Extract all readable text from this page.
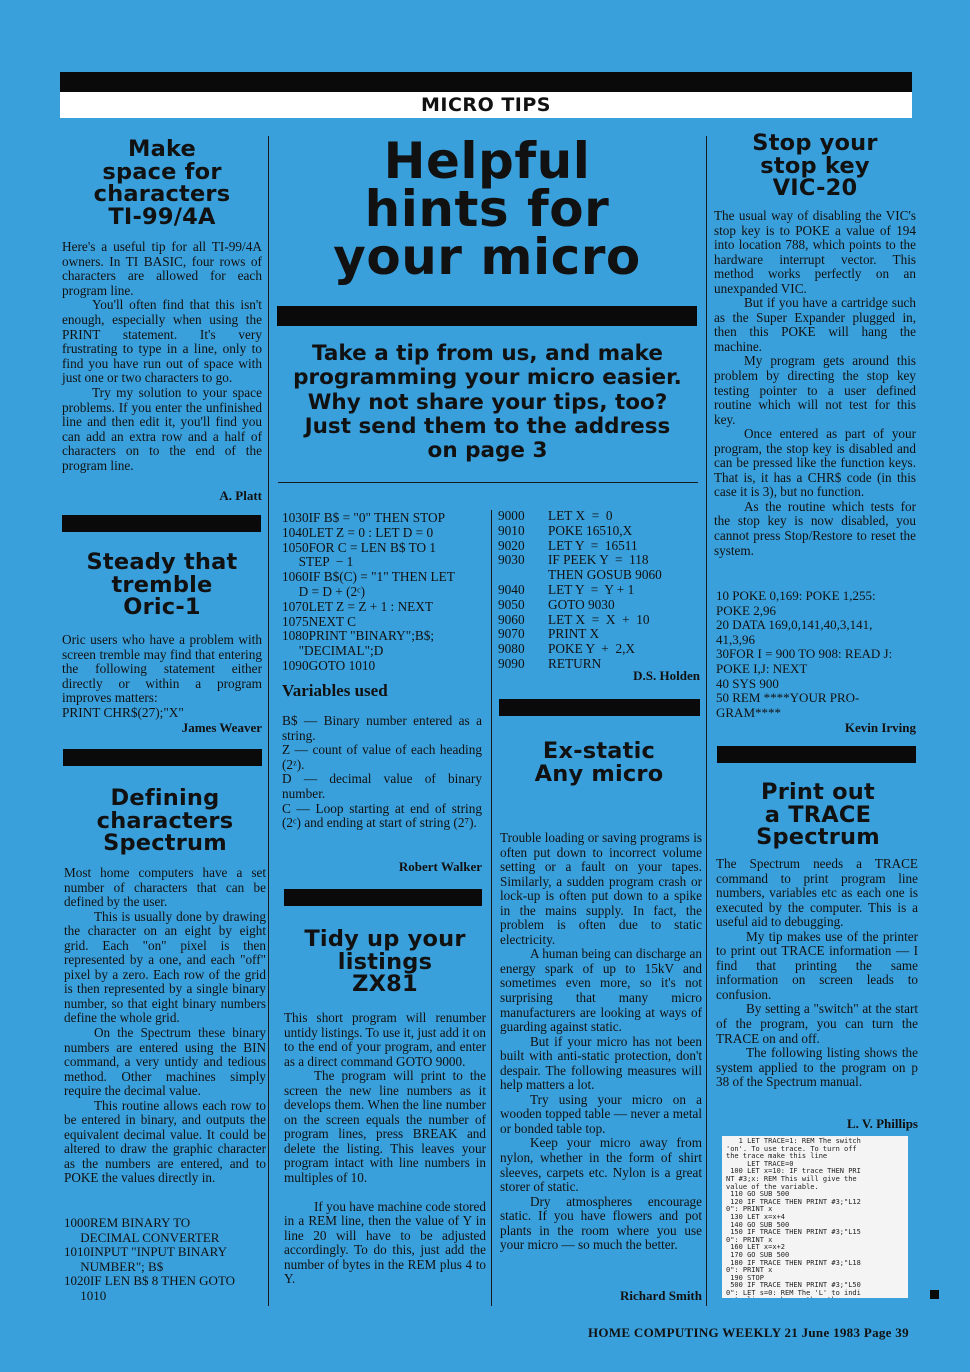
MICRO TIPS
Make
space for
characters
TI-99/4A

Here's a useful tip for all TI-99/4A owners. In TI BASIC, four rows of characters are allowed for each program line.

You'll often find that this isn't enough, especially when using the PRINT statement. It's very frustrating to type in a line, only to find you have run out of space with just one or two characters to go.

Try my solution to your space problems. If you enter the unfinished line and then edit it, you'll find you can add an extra row and a half of characters on to the end of the program line.

A. Platt
Steady that
tremble
Oric-1

Oric users who have a problem with screen tremble may find that entering the following statement either directly or within a program improves matters:

PRINT CHR$(27);"X"

James Weaver
Defining
characters
Spectrum

Most home computers have a set number of characters that can be defined by the user.

This is usually done by drawing the character on an eight by eight grid. Each "on" pixel is then represented by a one, and each "off" pixel by a zero. Each row of the grid is then represented by a single binary number, so that eight binary numbers define the whole grid.

On the Spectrum these binary numbers are entered using the BIN command, a very untidy and tedious method. Other machines simply require the decimal value.

This routine allows each row to be entered in binary, and outputs the equivalent decimal value. It could be altered to draw the graphic character as the numbers are entered, and to POKE the values directly in.

1000REM BINARY TO
DECIMAL CONVERTER
1010INPUT "INPUT BINARY
NUMBER"; B$
1020IF LEN B$ 8 THEN GOTO
1010
Helpful
hints for
your micro
Take a tip from us, and make programming your micro easier. Why not share your tips, too? Just send them to the address on page 3
1030IF B$ = "0" THEN STOP
1040LET Z = 0 : LET D = 0
1050FOR C = LEN B$ TO 1
STEP  − 1
1060IF B$(C) = "1" THEN LET
D = D + (2ᶜ)
1070LET Z = Z + 1 : NEXT
1075NEXT C
1080PRINT "BINARY";B$;
"DECIMAL";D
1090GOTO 1010
Variables used

B$ — Binary number entered as a string.

Z — count of value of each heading (2ᶻ).

D — decimal value of binary number.

C — Loop starting at end of string (2ᶜ) and ending at start of string (2⁷).

Robert Walker
Tidy up your
listings
ZX81

This short program will renumber untidy listings. To use it, just add it on to the end of your program, and enter as a direct command GOTO 9000.

The program will print to the screen the new line numbers as it develops them. When the line number on the screen equals the number of program lines, press BREAK and delete the listing. This leaves your program intact with line numbers in multiples of 10.

If you have machine code stored in a REM line, then the value of Y in line 20 will have to be adjusted accordingly. To do this, just add the number of bytes in the REM plus 4 to Y.

9000 LET X  =  0
9010 POKE 16510,X
9020 LET Y  =  16511
9030 IF PEEK Y  =  118
THEN GOSUB 9060
9040 LET Y  =  Y + 1
9050 GOTO 9030
9060 LET X  =  X  +  10
9070 PRINT X
9080 POKE Y  +  2,X
9090 RETURN
D.S. Holden
Ex-static
Any micro

Trouble loading or saving programs is often put down to incorrect volume setting or a fault on your tapes. Similarly, a sudden program crash or lock-up is often put down to a spike in the mains supply. In fact, the problem is often due to static electricity.

A human being can discharge an energy spark of up to 15kV and sometimes even more, so it's not surprising that many micro manufacturers are looking at ways of guarding against static.

But if your micro has not been built with anti-static protection, don't despair. The following measures will help matters a lot.

Try using your micro on a wooden topped table — never a metal or bonded table top.

Keep your micro away from nylon, whether in the form of shirt sleeves, carpets etc. Nylon is a great storer of static.

Dry atmospheres encourage static. If you have flowers and pot plants in the room where you use your micro — so much the better.

Richard Smith
Stop your
stop key
VIC-20

The usual way of disabling the VIC's stop key is to POKE a value of 194 into location 788, which points to the hardware interrupt vector. This method works perfectly on an unexpanded VIC.

But if you have a cartridge such as the Super Expander plugged in, then this POKE will hang the machine.

My program gets around this problem by directing the stop key testing pointer to a user defined routine which will not test for this key.

Once entered as part of your program, the stop key is disabled and can be pressed like the function keys. That is, it has a CHR$ code (in this case it is 3), but no function.

As the routine which tests for the stop key is now disabled, you cannot press Stop/Restore to reset the system.

10 POKE 0,169: POKE 1,255:
POKE 2,96
20 DATA 169,0,141,40,3,141,
41,3,96
30FOR I = 900 TO 908: READ J:
POKE I,J: NEXT
40 SYS 900
50 REM ****YOUR PRO-
GRAM****
Kevin Irving
Print out
a TRACE
Spectrum

The Spectrum needs a TRACE command to print program line numbers, variables etc as each one is executed by the computer. This is a useful aid to debugging.

My tip makes use of the printer to print out TRACE information — I find that printing the same information on screen leads to confusion.

By setting a "switch" at the start of the program, you can turn the TRACE on and off.

The following listing shows the system applied to the program on p 38 of the Spectrum manual.

L. V. Phillips
1 LET TRACE=1: REM The switch
'on'. To use trace. To turn off
the trace make this line
LET TRACE=0
100 LET x=10: IF trace THEN PRI
NT #3;x: REM This will give the
value of the variable.
110 GO SUB 500
120 IF TRACE THEN PRINT #3;"L12
0": PRINT x
130 LET x=x+4
140 GO SUB 500
150 IF TRACE THEN PRINT #3;"L15
0": PRINT x
160 LET x=x+2
170 GO SUB 500
180 IF TRACE THEN PRINT #3;"L18
0": PRINT x
190 STOP
500 IF TRACE THEN PRINT #3;"L50
0": LET s=0: REM The 'L' to indi
HOME COMPUTING WEEKLY 21 June 1983 Page 39
